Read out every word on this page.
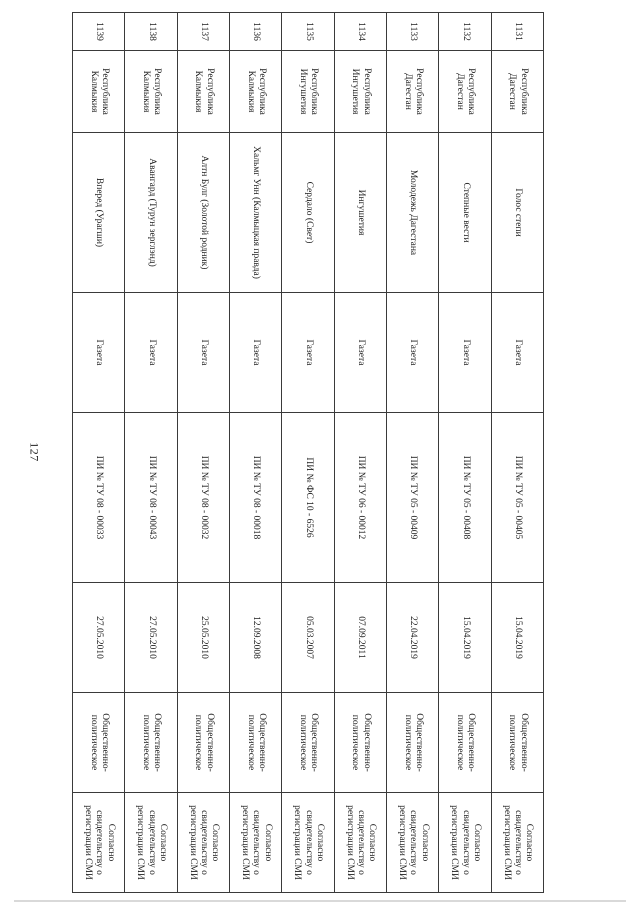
127
1131	Республика Дагестан	Голос степи	Газета	ПИ № ТУ 05 - 00405	15.04.2019	Общественно-политическое	Согласно свидетельству о регистрации СМИ
1132	Республика Дагестан	Степные вести	Газета	ПИ № ТУ 05 - 00408	15.04.2019	Общественно-политическое	Согласно свидетельству о регистрации СМИ
1133	Республика Дагестан	Молодежь Дагестана	Газета	ПИ № ТУ 05 - 00409	22.04.2019	Общественно-политическое	Согласно свидетельству о регистрации СМИ
1134	Республика Ингушетия	Ингушетия	Газета	ПИ № ТУ 06 - 00012	07.09.2011	Общественно-политическое	Согласно свидетельству о регистрации СМИ
1135	Республика Ингушетия	Сердало (Свет)	Газета	ПИ № ФС 10 - 6526	05.03.2007	Общественно-политическое	Согласно свидетельству о регистрации СМИ
1136	Республика Калмыкия	Хальмг Унн (Калмыцкая правда)	Газета	ПИ № ТУ 08 - 00018	12.09.2008	Общественно-политическое	Согласно свидетельству о регистрации СМИ
1137	Республика Калмыкия	Алтн Булг (Золотой родник)	Газета	ПИ № ТУ 08 - 00032	25.05.2010	Общественно-политическое	Согласно свидетельству о регистрации СМИ
1138	Республика Калмыкия	Авангард (Турун зерглэнд)	Газета	ПИ № ТУ 08 - 00043	27.05.2010	Общественно-политическое	Согласно свидетельству о регистрации СМИ
1139	Республика Калмыкия	Вперед (Урагши)	Газета	ПИ № ТУ 08 - 00033	27.05.2010	Общественно-политическое	Согласно свидетельству о регистрации СМИ
